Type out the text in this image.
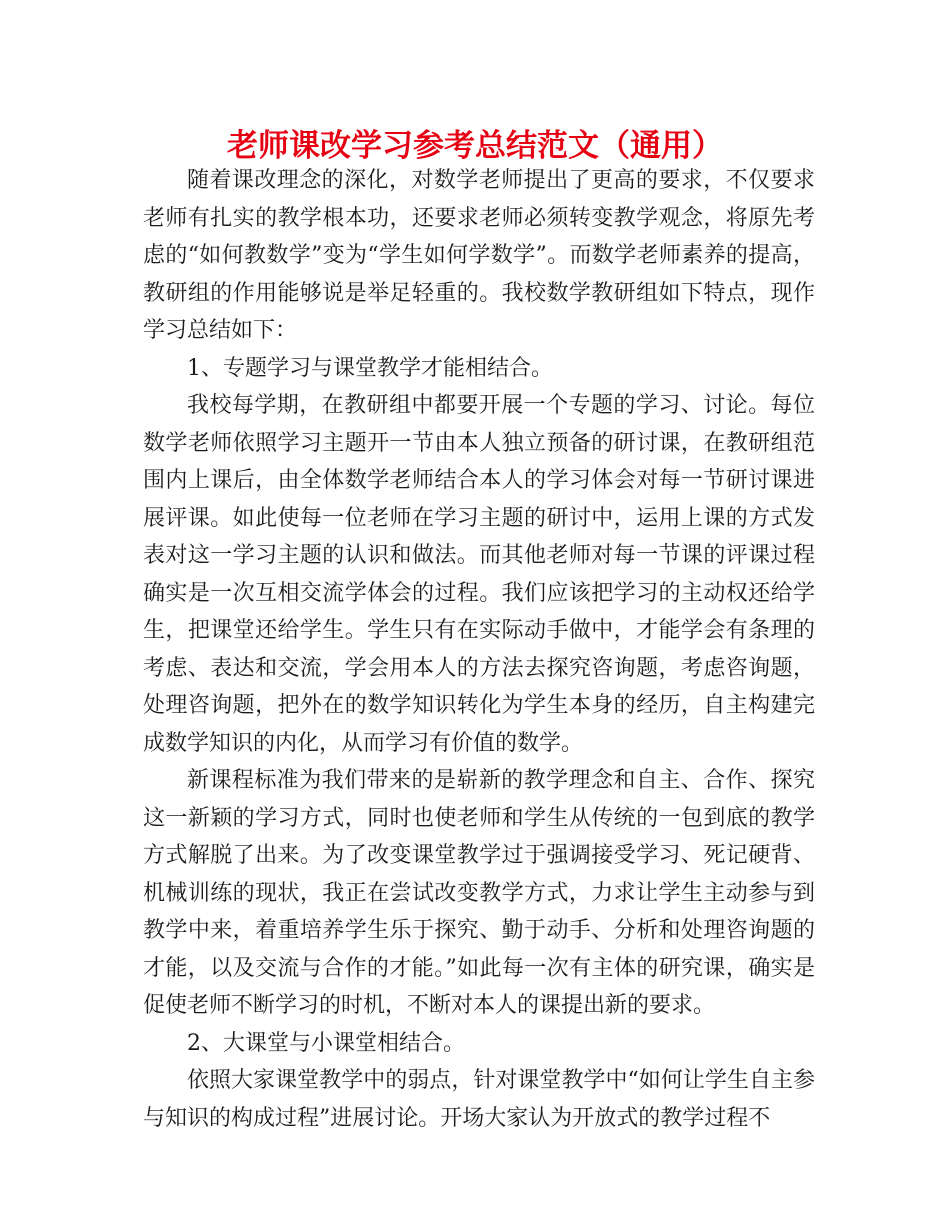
老师课改学习参考总结范文（通用）

随着课改理念的深化，对数学老师提出了更高的要求，不仅要求老师有扎实的教学根本功，还要求老师必须转变教学观念，将原先考虑的“如何教数学”变为“学生如何学数学”。而数学老师素养的提高，教研组的作用能够说是举足轻重的。我校数学教研组如下特点，现作学习总结如下：

1、专题学习与课堂教学才能相结合。

我校每学期，在教研组中都要开展一个专题的学习、讨论。每位数学老师依照学习主题开一节由本人独立预备的研讨课，在教研组范围内上课后，由全体数学老师结合本人的学习体会对每一节研讨课进展评课。如此使每一位老师在学习主题的研讨中，运用上课的方式发表对这一学习主题的认识和做法。而其他老师对每一节课的评课过程确实是一次互相交流学体会的过程。我们应该把学习的主动权还给学生，把课堂还给学生。学生只有在实际动手做中，才能学会有条理的考虑、表达和交流，学会用本人的方法去探究咨询题，考虑咨询题，处理咨询题，把外在的数学知识转化为学生本身的经历，自主构建完成数学知识的内化，从而学习有价值的数学。

新课程标准为我们带来的是崭新的教学理念和自主、合作、探究这一新颖的学习方式，同时也使老师和学生从传统的一包到底的教学方式解脱了出来。为了改变课堂教学过于强调接受学习、死记硬背、机械训练的现状，我正在尝试改变教学方式，力求让学生主动参与到教学中来，着重培养学生乐于探究、勤于动手、分析和处理咨询题的才能，以及交流与合作的才能。”如此每一次有主体的研究课，确实是促使老师不断学习的时机，不断对本人的课提出新的要求。

2、大课堂与小课堂相结合。

依照大家课堂教学中的弱点，针对课堂教学中“如何让学生自主参与知识的构成过程”进展讨论。开场大家认为开放式的教学过程不
